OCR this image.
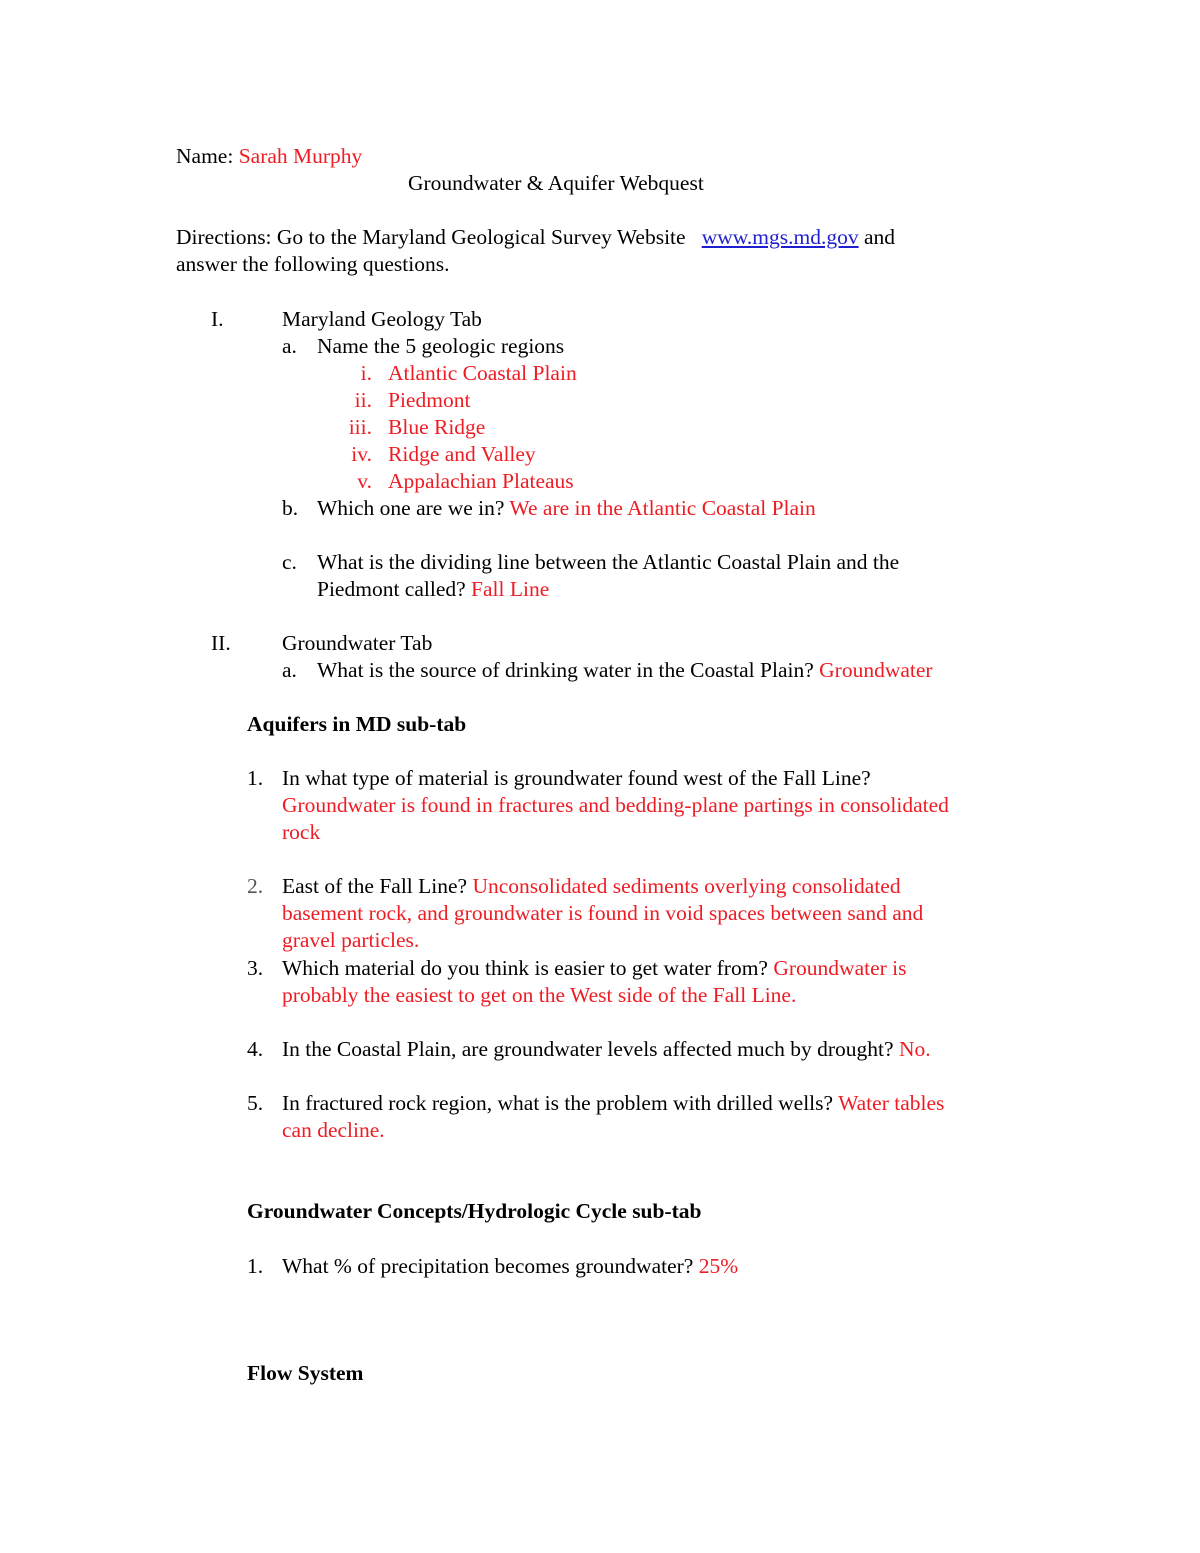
Name: Sarah Murphy
Groundwater & Aquifer Webquest
Directions: Go to the Maryland Geological Survey Website www.mgs.md.gov and
answer the following questions.
I.	Maryland Geology Tab
a. Name the 5 geologic regions
i. Atlantic Coastal Plain
ii. Piedmont
iii. Blue Ridge
iv. Ridge and Valley
v. Appalachian Plateaus
b. Which one are we in? We are in the Atlantic Coastal Plain
c. What is the dividing line between the Atlantic Coastal Plain and the
Piedmont called? Fall Line
II. Groundwater Tab
a. What is the source of drinking water in the Coastal Plain? Groundwater
Aquifers in MD sub-tab
1. In what type of material is groundwater found west of the Fall Line?
Groundwater is found in fractures and bedding-plane partings in consolidated
rock
2. East of the Fall Line? Unconsolidated sediments overlying consolidated
basement rock, and groundwater is found in void spaces between sand and
gravel particles.
3. Which material do you think is easier to get water from? Groundwater is
probably the easiest to get on the West side of the Fall Line.
4. In the Coastal Plain, are groundwater levels affected much by drought? No.
5. In fractured rock region, what is the problem with drilled wells? Water tables
can decline.
Groundwater Concepts/Hydrologic Cycle sub-tab
1. What % of precipitation becomes groundwater? 25%
Flow System
